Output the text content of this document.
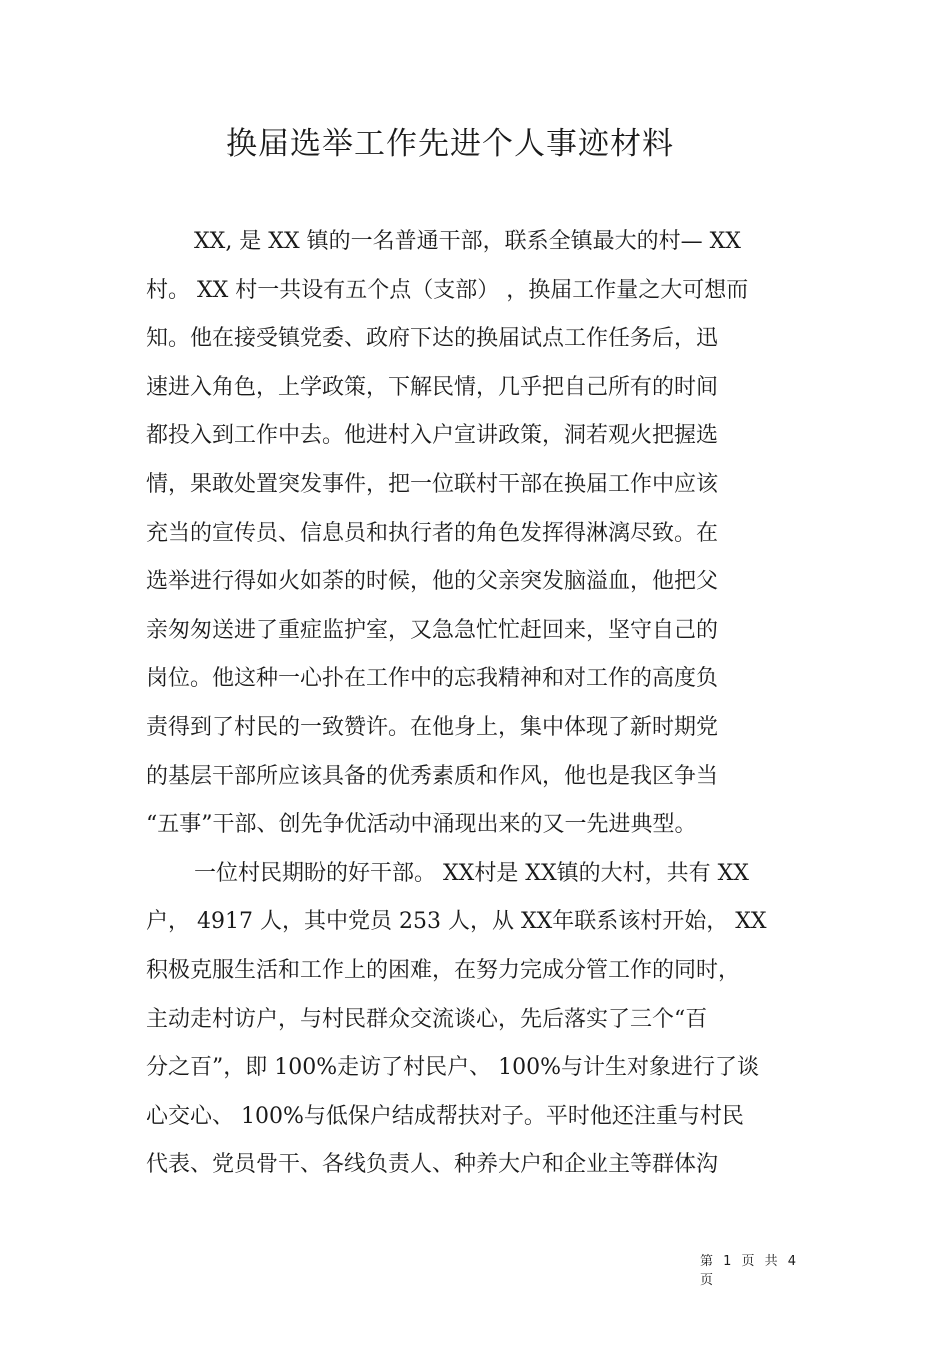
换届选举工作先进个人事迹材料
XX, 是 XX 镇的一名普通干部，联系全镇最大的村— XX
村。 XX 村一共设有五个点（支部） ，换届工作量之大可想而
知。他在接受镇党委、政府下达的换届试点工作任务后，迅
速进入角色，上学政策，下解民情，几乎把自己所有的时间
都投入到工作中去。他进村入户宣讲政策，洞若观火把握选
情，果敢处置突发事件，把一位联村干部在换届工作中应该
充当的宣传员、信息员和执行者的角色发挥得淋漓尽致。在
选举进行得如火如荼的时候，他的父亲突发脑溢血，他把父
亲匆匆送进了重症监护室，又急急忙忙赶回来，坚守自己的
岗位。他这种一心扑在工作中的忘我精神和对工作的高度负
责得到了村民的一致赞许。在他身上，集中体现了新时期党
的基层干部所应该具备的优秀素质和作风，他也是我区争当
“五事”干部、创先争优活动中涌现出来的又一先进典型。
一位村民期盼的好干部。 XX村是 XX镇的大村，共有 XX
户， 4917 人，其中党员 253 人，从 XX年联系该村开始， XX
积极克服生活和工作上的困难，在努力完成分管工作的同时，
主动走村访户，与村民群众交流谈心，先后落实了三个“百
分之百”，即 100%走访了村民户、 100%与计生对象进行了谈
心交心、 100%与低保户结成帮扶对子。平时他还注重与村民
代表、党员骨干、各线负责人、种养大户和企业主等群体沟
第 1 页 共 4 页
